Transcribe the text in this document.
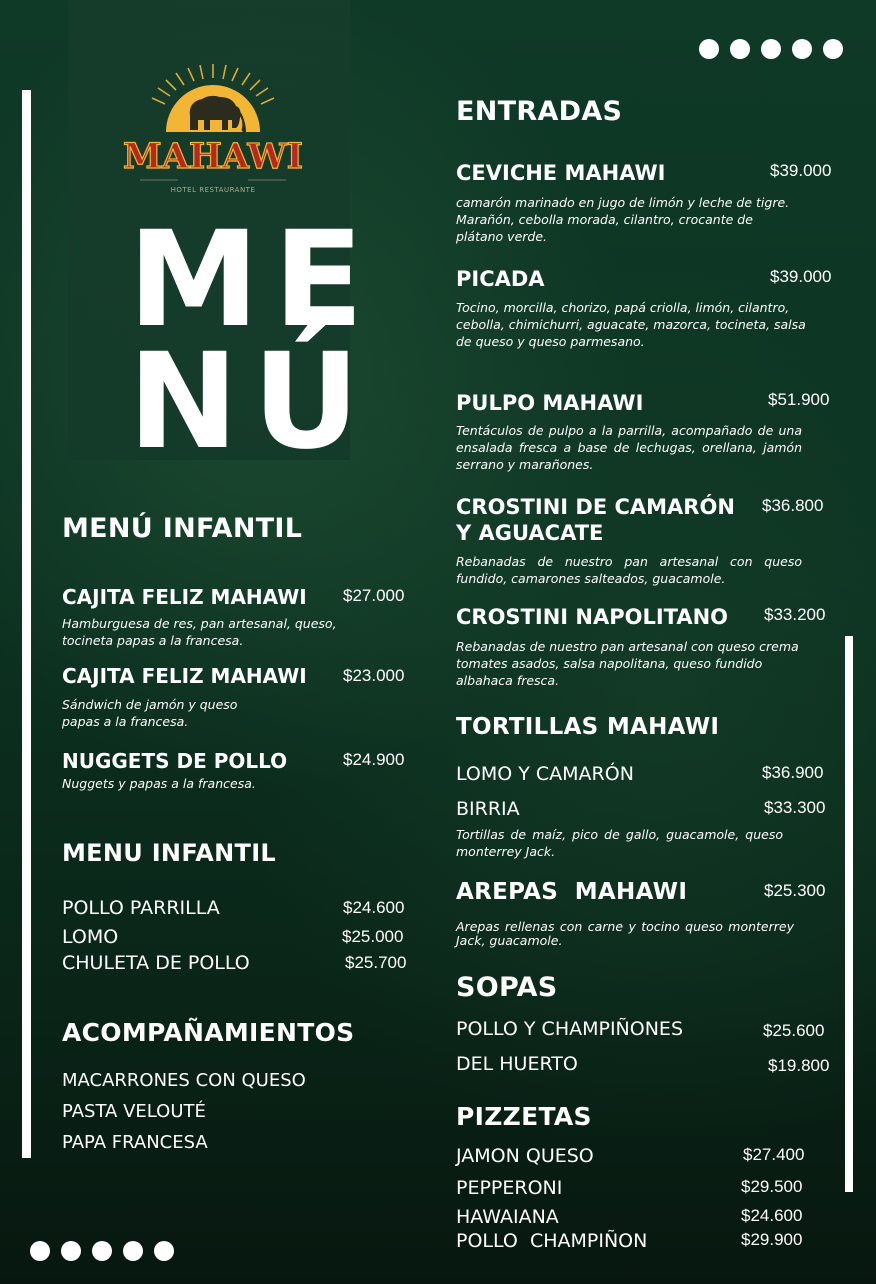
MAHAWI
HOTEL RESTAURANTE
ME
NÚ
MENÚ INFANTIL
CAJITA FELIZ MAHAWI $27.000
Hamburguesa de res, pan artesanal, queso, tocineta papas a la francesa.
CAJITA FELIZ MAHAWI $23.000
Sándwich de jamón y queso papas a la francesa.
NUGGETS DE POLLO	$24.900
Nuggets y papas a la francesa.
MENU INFANTIL
POLLO PARRILLA	$24.600
LOMO	$25.000
CHULETA DE POLLO	$25.700
ACOMPAÑAMIENTOS
MACARRONES CON QUESO
PASTA VELOUTÉ
PAPA FRANCESA
ENTRADAS
CEVICHE MAHAWI	$39.000
camarón marinado en jugo de limón y leche de tigre. Marañón, cebolla morada, cilantro, crocante de plátano verde.
PICADA	$39.000
Tocino, morcilla, chorizo, papá criolla, limón, cilantro, cebolla, chimichurri, aguacate, mazorca, tocineta, salsa de queso y queso parmesano.
PULPO MAHAWI	$51.900
Tentáculos de pulpo a la parrilla, acompañado de una ensalada fresca a base de lechugas, orellana, jamón serrano y marañones.
CROSTINI DE CAMARÓN
Y AGUACATE
$36.800
Rebanadas de nuestro pan artesanal con queso fundido, camarones salteados, guacamole.
CROSTINI NAPOLITANO $33.200
Rebanadas de nuestro pan artesanal con queso crema tomates asados, salsa napolitana, queso fundido albahaca fresca.
TORTILLAS MAHAWI
LOMO Y CAMARÓN	$36.900
BIRRIA	$33.300
Tortillas de maíz, pico de gallo, guacamole, queso monterrey Jack.
AREPAS  MAHAWI	$25.300
Arepas rellenas con carne y tocino queso monterrey Jack, guacamole.
SOPAS
POLLO Y CHAMPIÑONES	$25.600
DEL HUERTO	$19.800
PIZZETAS
JAMON QUESO	$27.400
PEPPERONI	$29.500
HAWAIANA	$24.600
POLLO  CHAMPIÑON	$29.900
